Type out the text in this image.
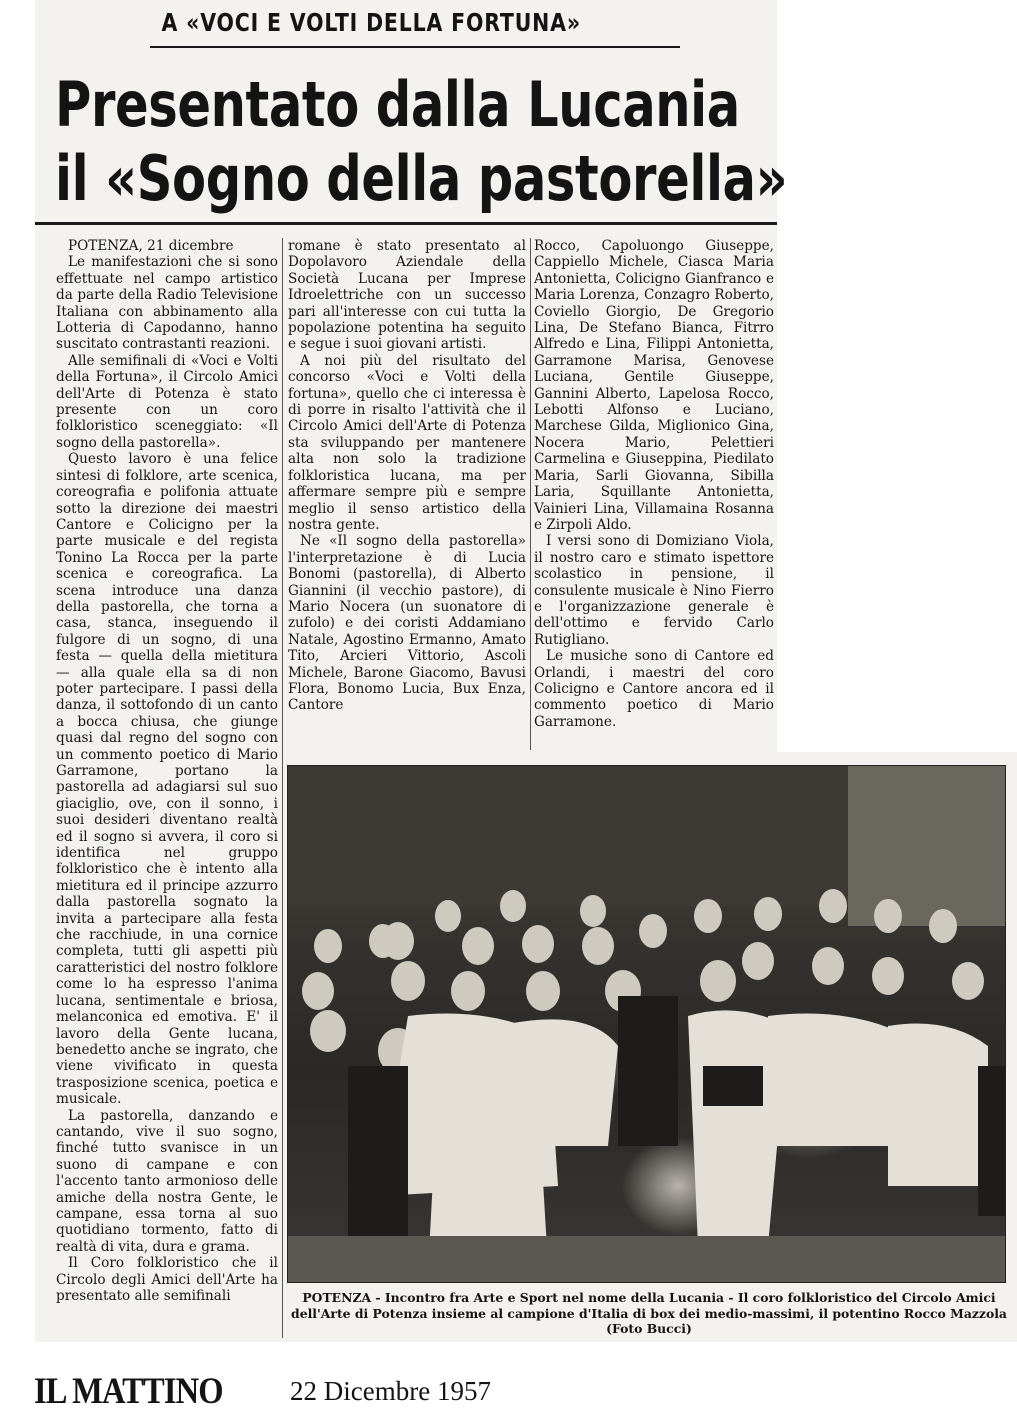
A «VOCI E VOLTI DELLA FORTUNA»
Presentato dalla Lucania
il «Sogno della pastorella»

POTENZA, 21 dicembre

Le manifestazioni che si sono effettuate nel campo artistico da parte della Radio Televisione Italiana con abbinamento alla Lotteria di Capodanno, hanno suscitato contrastanti reazioni.

Alle semifinali di «Voci e Volti della Fortuna», il Circolo Amici dell'Arte di Potenza è stato presente con un coro folkloristico sceneggiato: «Il sogno della pastorella».

Questo lavoro è una felice sintesi di folklore, arte scenica, coreografia e polifonia attuate sotto la direzione dei maestri Cantore e Colicigno per la parte musicale e del regista Tonino La Rocca per la parte scenica e coreografica. La scena introduce una danza della pastorella, che torna a casa, stanca, inseguendo il fulgore di un sogno, di una festa — quella della mietitura — alla quale ella sa di non poter partecipare. I passi della danza, il sottofondo di un canto a bocca chiusa, che giunge quasi dal regno del sogno con un commento poetico di Mario Garramone, portano la pastorella ad adagiarsi sul suo giaciglio, ove, con il sonno, i suoi desideri diventano realtà ed il sogno si avvera, il coro si identifica nel gruppo folkloristico che è intento alla mietitura ed il principe azzurro dalla pastorella sognato la invita a partecipare alla festa che racchiude, in una cornice completa, tutti gli aspetti più caratteristici del nostro folklore come lo ha espresso l'anima lucana, sentimentale e briosa, melanconica ed emotiva. E' il lavoro della Gente lucana, benedetto anche se ingrato, che viene vivificato in questa trasposizione scenica, poetica e musicale.

La pastorella, danzando e cantando, vive il suo sogno, finché tutto svanisce in un suono di campane e con l'accento tanto armonioso delle amiche della nostra Gente, le campane, essa torna al suo quotidiano tormento, fatto di realtà di vita, dura e grama.

Il Coro folkloristico che il Circolo degli Amici dell'Arte ha presentato alle semifinali

romane è stato presentato al Dopolavoro Aziendale della Società Lucana per Imprese Idroelettriche con un successo pari all'interesse con cui tutta la popolazione potentina ha seguito e segue i suoi giovani artisti.

A noi più del risultato del concorso «Voci e Volti della fortuna», quello che ci interessa è di porre in risalto l'attività che il Circolo Amici dell'Arte di Potenza sta sviluppando per mantenere alta non solo la tradizione folkloristica lucana, ma per affermare sempre più e sempre meglio il senso artistico della nostra gente.

Ne «Il sogno della pastorella» l'interpretazione è di Lucia Bonomi (pastorella), di Alberto Giannini (il vecchio pastore), di Mario Nocera (un suonatore di zufolo) e dei coristi Addamiano Natale, Agostino Ermanno, Amato Tito, Arcieri Vittorio, Ascoli Michele, Barone Giacomo, Bavusi Flora, Bonomo Lucia, Bux Enza, Cantore

Rocco, Capoluongo Giuseppe, Cappiello Michele, Ciasca Maria Antonietta, Colicigno Gianfranco e Maria Lorenza, Conzagro Roberto, Coviello Giorgio, De Gregorio Lina, De Stefano Bianca, Fitrro Alfredo e Lina, Filippi Antonietta, Garramone Marisa, Genovese Luciana, Gentile Giuseppe, Gannini Alberto, Lapelosa Rocco, Lebotti Alfonso e Luciano, Marchese Gilda, Miglionico Gina, Nocera Mario, Pelettieri Carmelina e Giuseppina, Piedilato Maria, Sarli Giovanna, Sibilla Laria, Squillante Antonietta, Vainieri Lina, Villamaina Rosanna e Zirpoli Aldo.

I versi sono di Domiziano Viola, il nostro caro e stimato ispettore scolastico in pensione, il consulente musicale è Nino Fierro e l'organizzazione generale è dell'ottimo e fervido Carlo Rutigliano.

Le musiche sono di Cantore ed Orlandi, i maestri del coro Colicigno e Cantore ancora ed il commento poetico di Mario Garramone.

POTENZA - Incontro fra Arte e Sport nel nome della Lucania - Il coro folkloristico del Circolo Amici dell'Arte di Potenza insieme al campione d'Italia di box dei medio-massimi, il potentino Rocco Mazzola (Foto Bucci)
IL MATTINO 22 Dicembre 1957
